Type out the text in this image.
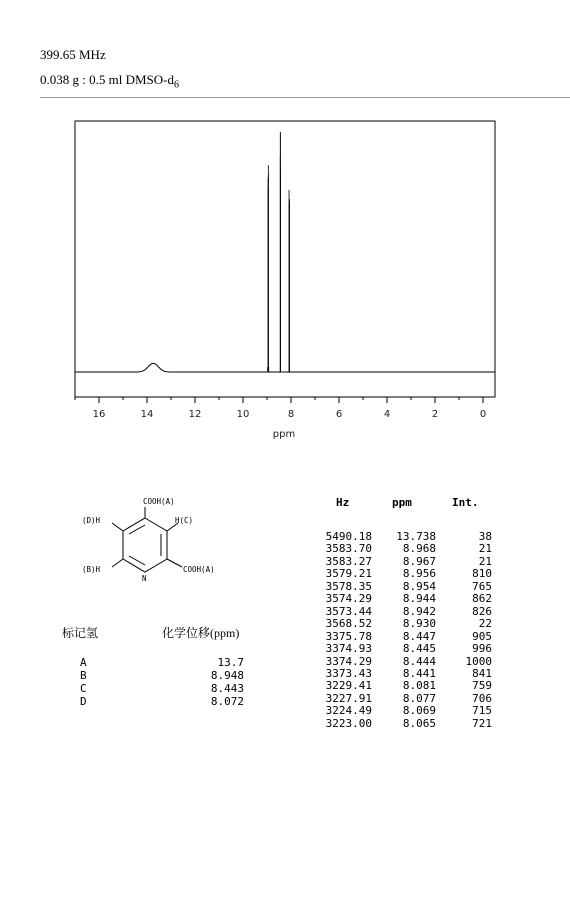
399.65 MHz
0.038 g : 0.5 ml DMSO-$d_6$
16	14	12	10	8	6	4	2	0
ppm
COOH(A)
(D)H	H(C)
(B)H	COOH(A)
N
标记氢	化学位移(ppm)
A	13.7
B	8.948
C	8.443
D	8.072
Hz	ppm	Int.
5490.18	13.738	38
3583.70	8.968	21
3583.27	8.967	21
3579.21	8.956	810
3578.35	8.954	765
3574.29	8.944	862
3573.44	8.942	826
3568.52	8.930	22
3375.78	8.447	905
3374.93	8.445	996
3374.29	8.444	1000
3373.43	8.441	841
3229.41	8.081	759
3227.91	8.077	706
3224.49	8.069	715
3223.00	8.065	721
